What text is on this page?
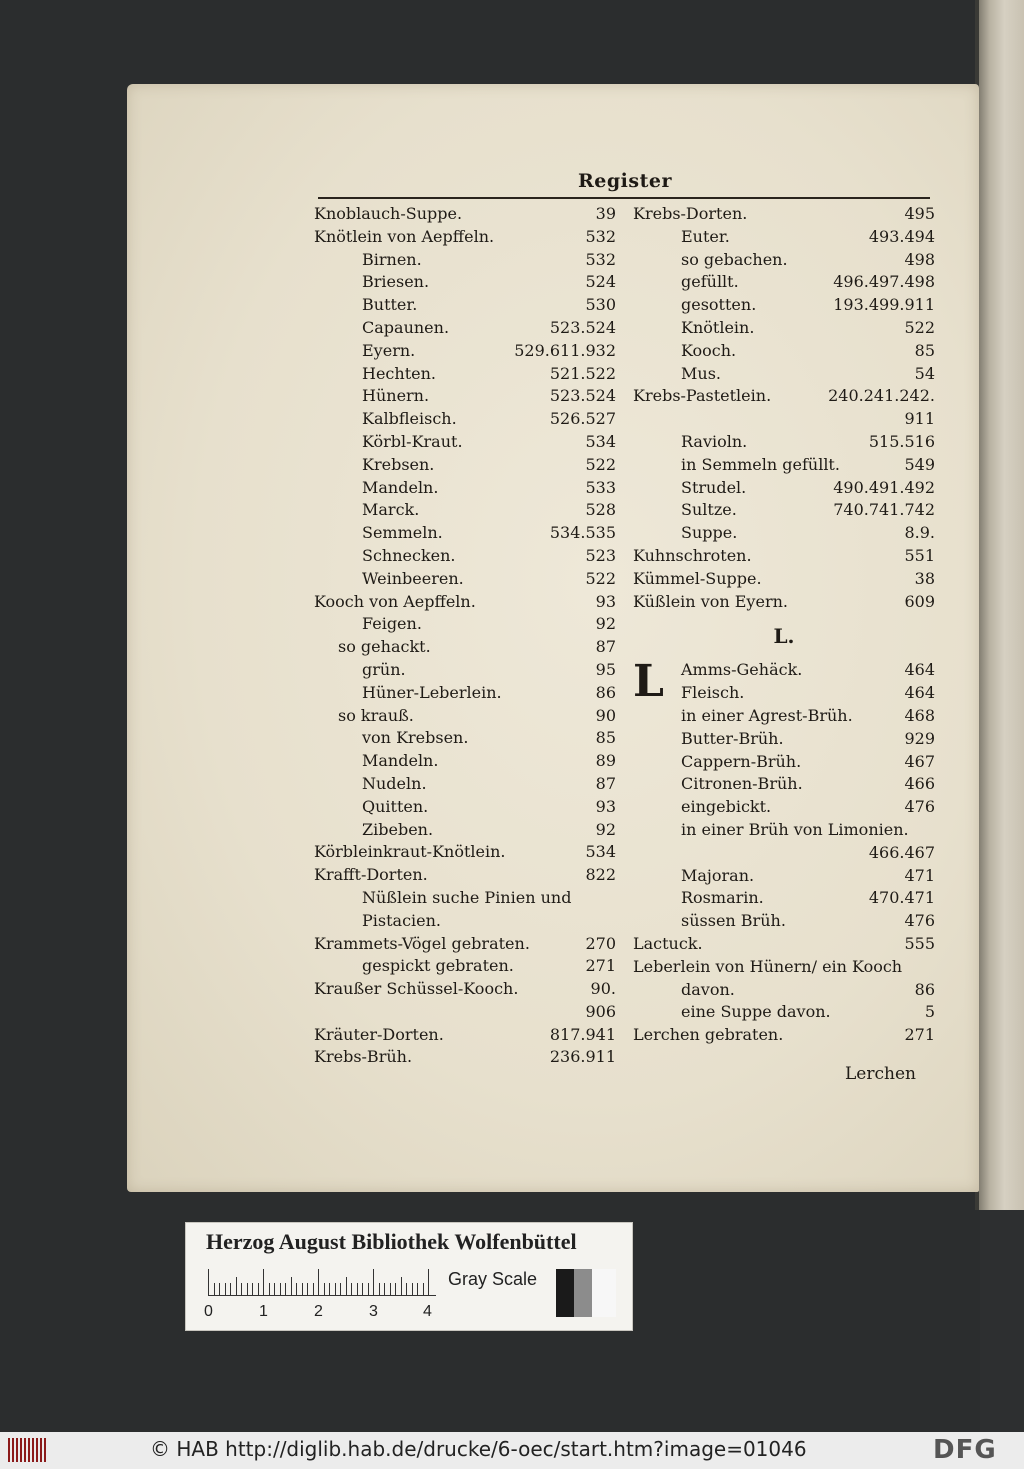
Register
Knoblauch-Suppe.	39
Knötlein von Aepffeln.	532
Birnen.	532
Briesen.	524
Butter.	530
Capaunen.	523.524
Eyern.	529.611.932
Hechten.	521.522
Hünern.	523.524
Kalbfleisch.	526.527
Körbl-Kraut.	534
Krebsen.	522
Mandeln.	533
Marck.	528
Semmeln.	534.535
Schnecken.	523
Weinbeeren.	522
Kooch von Aepffeln.	93
Feigen.	92
so gehackt.	87
grün.	95
Hüner-Leberlein.	86
so krauß.	90
von Krebsen.	85
Mandeln.	89
Nudeln.	87
Quitten.	93
Zibeben.	92
Körbleinkraut-Knötlein.	534
Krafft-Dorten.	822
Nüßlein suche Pinien und
Pistacien.
Krammets-Vögel gebraten.	270
gespickt gebraten.	271
Kraußer Schüssel-Kooch.	90.
906
Kräuter-Dorten.	817.941
Krebs-Brüh.	236.911
Krebs-Dorten.	495
Euter.	493.494
so gebachen.	498
gefüllt.	496.497.498
gesotten.	193.499.911
Knötlein.	522
Kooch.	85
Mus.	54
Krebs-Pastetlein.	240.241.242.
911
Ravioln.	515.516
in Semmeln gefüllt.	549
Strudel.	490.491.492
Sultze.	740.741.742
Suppe.	8.9.
Kuhnschroten.	551
Kümmel-Suppe.	38
Küßlein von Eyern.	609
L.
L Amms-Gehäck.	464
Fleisch.	464
in einer Agrest-Brüh.	468
Butter-Brüh.	929
Cappern-Brüh.	467
Citronen-Brüh.	466
eingebickt.	476
in einer Brüh von Limonien.
466.467
Majoran.	471
Rosmarin.	470.471
süssen Brüh.	476
Lactuck.	555
Leberlein von Hünern/ ein Kooch
davon.	86
eine Suppe davon.	5
Lerchen gebraten.	271
Lerchen
Herzog August Bibliothek Wolfenbüttel
0	1	2	3	4
Gray Scale
© HAB http://diglib.hab.de/drucke/6-oec/start.htm?image=01046	DFG
